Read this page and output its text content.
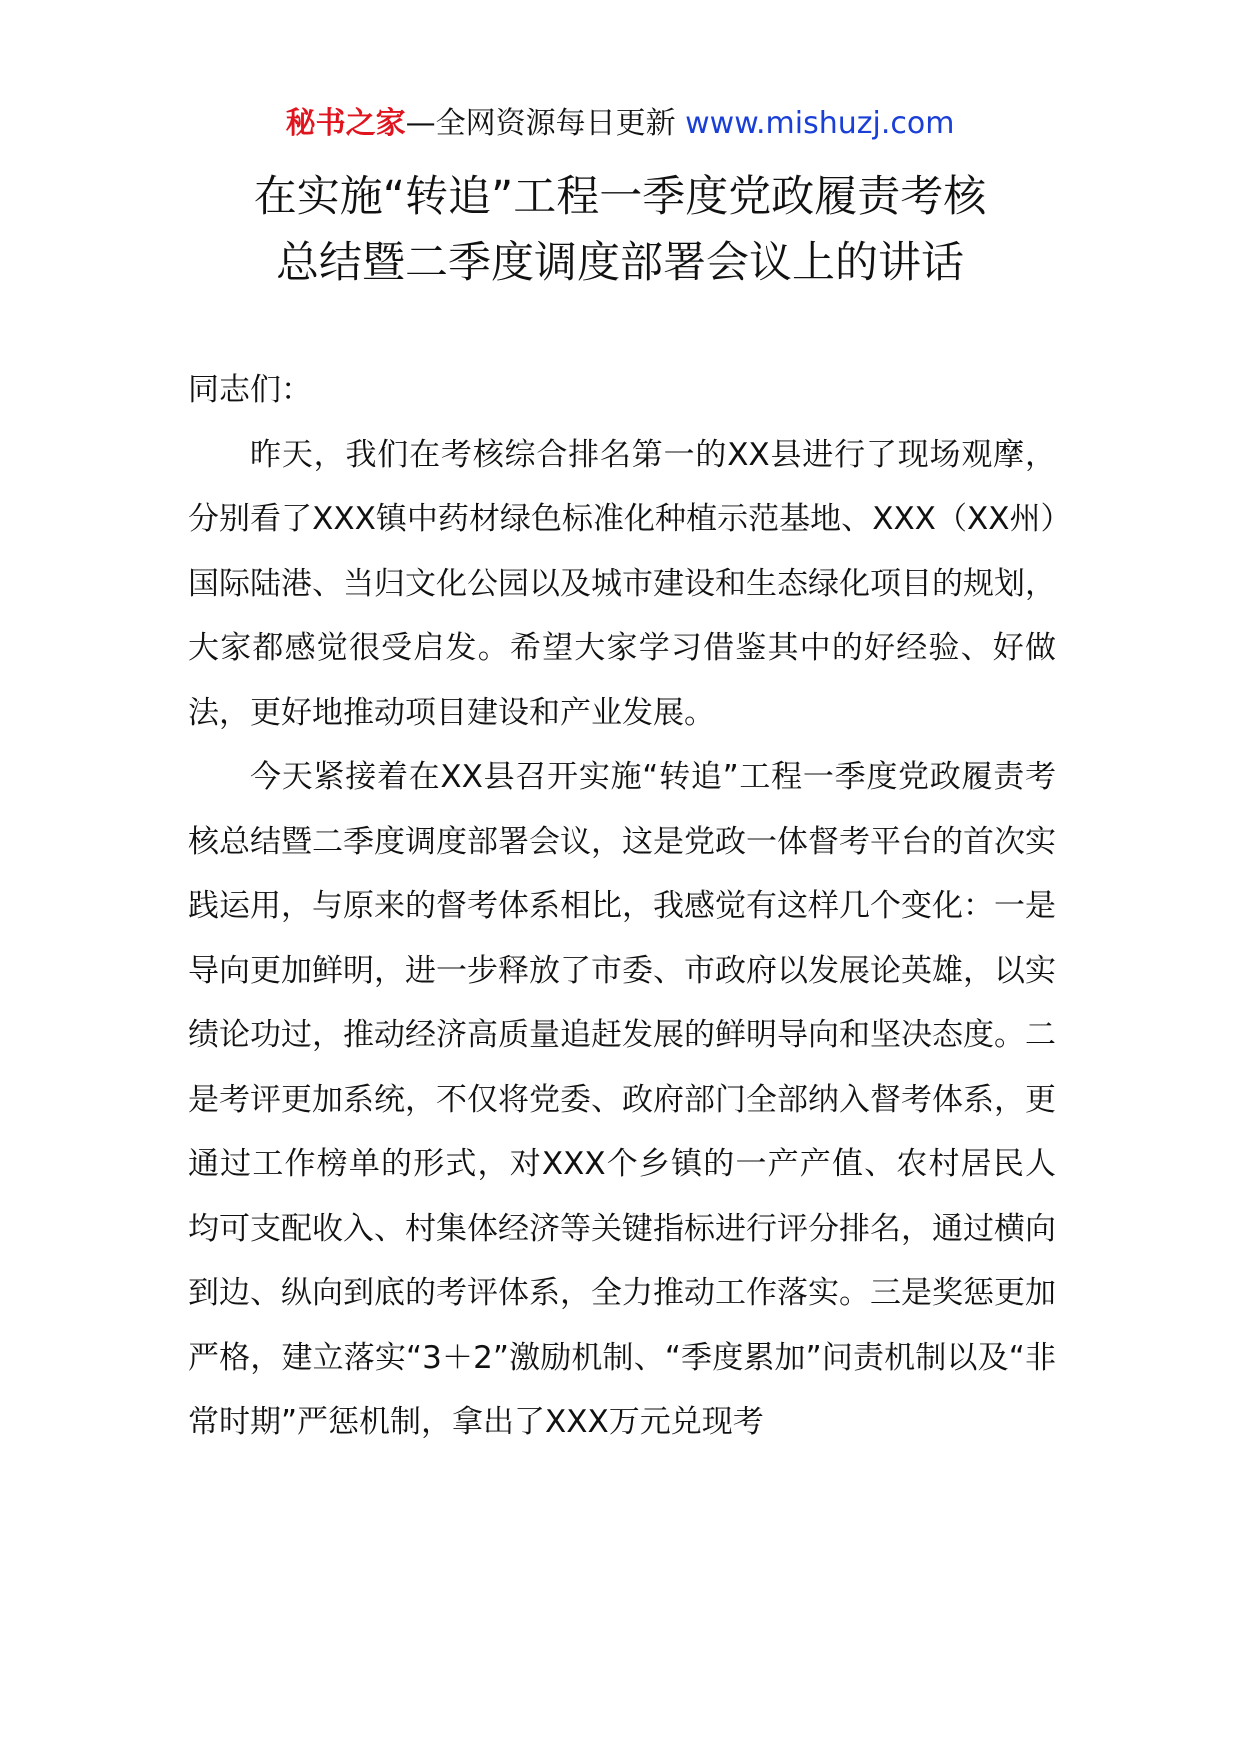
秘书之家—全网资源每日更新 www.mishuzj.com
在实施“转追”工程一季度党政履责考核
总结暨二季度调度部署会议上的讲话

同志们：

昨天，我们在考核综合排名第一的XX县进行了现场观摩，分别看了XXX镇中药材绿色标准化种植示范基地、XXX（XX州）国际陆港、当归文化公园以及城市建设和生态绿化项目的规划，大家都感觉很受启发。希望大家学习借鉴其中的好经验、好做法，更好地推动项目建设和产业发展。

今天紧接着在XX县召开实施“转追”工程一季度党政履责考核总结暨二季度调度部署会议，这是党政一体督考平台的首次实践运用，与原来的督考体系相比，我感觉有这样几个变化：一是导向更加鲜明，进一步释放了市委、市政府以发展论英雄，以实绩论功过，推动经济高质量追赶发展的鲜明导向和坚决态度。二是考评更加系统，不仅将党委、政府部门全部纳入督考体系，更通过工作榜单的形式，对XXX个乡镇的一产产值、农村居民人均可支配收入、村集体经济等关键指标进行评分排名，通过横向到边、纵向到底的考评体系，全力推动工作落实。三是奖惩更加严格，建立落实“3＋2”激励机制、“季度累加”问责机制以及“非常时期”严惩机制，拿出了XXX万元兑现考
